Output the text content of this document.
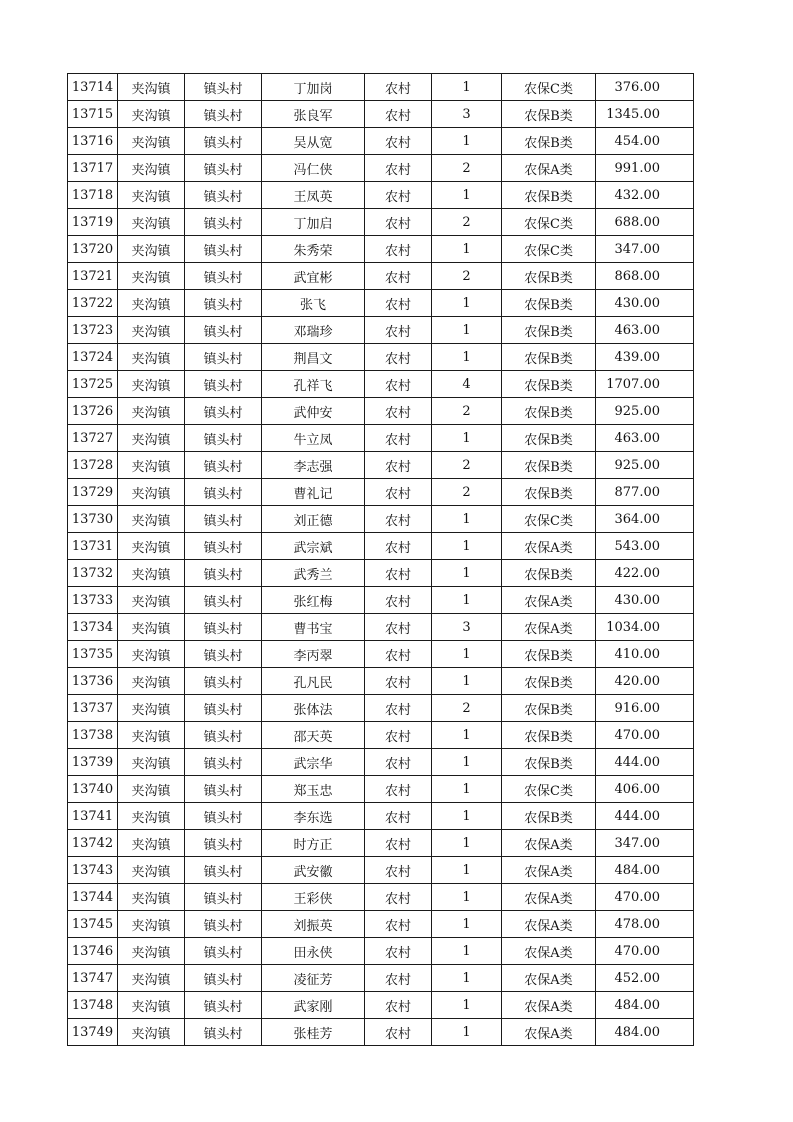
13714	夹沟镇	镇头村	丁加岗	农村	1	农保C类	376.00
13715	夹沟镇	镇头村	张良军	农村	3	农保B类	1345.00
13716	夹沟镇	镇头村	吴从宽	农村	1	农保B类	454.00
13717	夹沟镇	镇头村	冯仁侠	农村	2	农保A类	991.00
13718	夹沟镇	镇头村	王凤英	农村	1	农保B类	432.00
13719	夹沟镇	镇头村	丁加启	农村	2	农保C类	688.00
13720	夹沟镇	镇头村	朱秀荣	农村	1	农保C类	347.00
13721	夹沟镇	镇头村	武宜彬	农村	2	农保B类	868.00
13722	夹沟镇	镇头村	张飞	农村	1	农保B类	430.00
13723	夹沟镇	镇头村	邓瑞珍	农村	1	农保B类	463.00
13724	夹沟镇	镇头村	荆昌文	农村	1	农保B类	439.00
13725	夹沟镇	镇头村	孔祥飞	农村	4	农保B类	1707.00
13726	夹沟镇	镇头村	武仲安	农村	2	农保B类	925.00
13727	夹沟镇	镇头村	牛立凤	农村	1	农保B类	463.00
13728	夹沟镇	镇头村	李志强	农村	2	农保B类	925.00
13729	夹沟镇	镇头村	曹礼记	农村	2	农保B类	877.00
13730	夹沟镇	镇头村	刘正德	农村	1	农保C类	364.00
13731	夹沟镇	镇头村	武宗斌	农村	1	农保A类	543.00
13732	夹沟镇	镇头村	武秀兰	农村	1	农保B类	422.00
13733	夹沟镇	镇头村	张红梅	农村	1	农保A类	430.00
13734	夹沟镇	镇头村	曹书宝	农村	3	农保A类	1034.00
13735	夹沟镇	镇头村	李丙翠	农村	1	农保B类	410.00
13736	夹沟镇	镇头村	孔凡民	农村	1	农保B类	420.00
13737	夹沟镇	镇头村	张体法	农村	2	农保B类	916.00
13738	夹沟镇	镇头村	邵天英	农村	1	农保B类	470.00
13739	夹沟镇	镇头村	武宗华	农村	1	农保B类	444.00
13740	夹沟镇	镇头村	郑玉忠	农村	1	农保C类	406.00
13741	夹沟镇	镇头村	李东选	农村	1	农保B类	444.00
13742	夹沟镇	镇头村	时方正	农村	1	农保A类	347.00
13743	夹沟镇	镇头村	武安徽	农村	1	农保A类	484.00
13744	夹沟镇	镇头村	王彩侠	农村	1	农保A类	470.00
13745	夹沟镇	镇头村	刘振英	农村	1	农保A类	478.00
13746	夹沟镇	镇头村	田永侠	农村	1	农保A类	470.00
13747	夹沟镇	镇头村	凌征芳	农村	1	农保A类	452.00
13748	夹沟镇	镇头村	武家刚	农村	1	农保A类	484.00
13749	夹沟镇	镇头村	张桂芳	农村	1	农保A类	484.00
